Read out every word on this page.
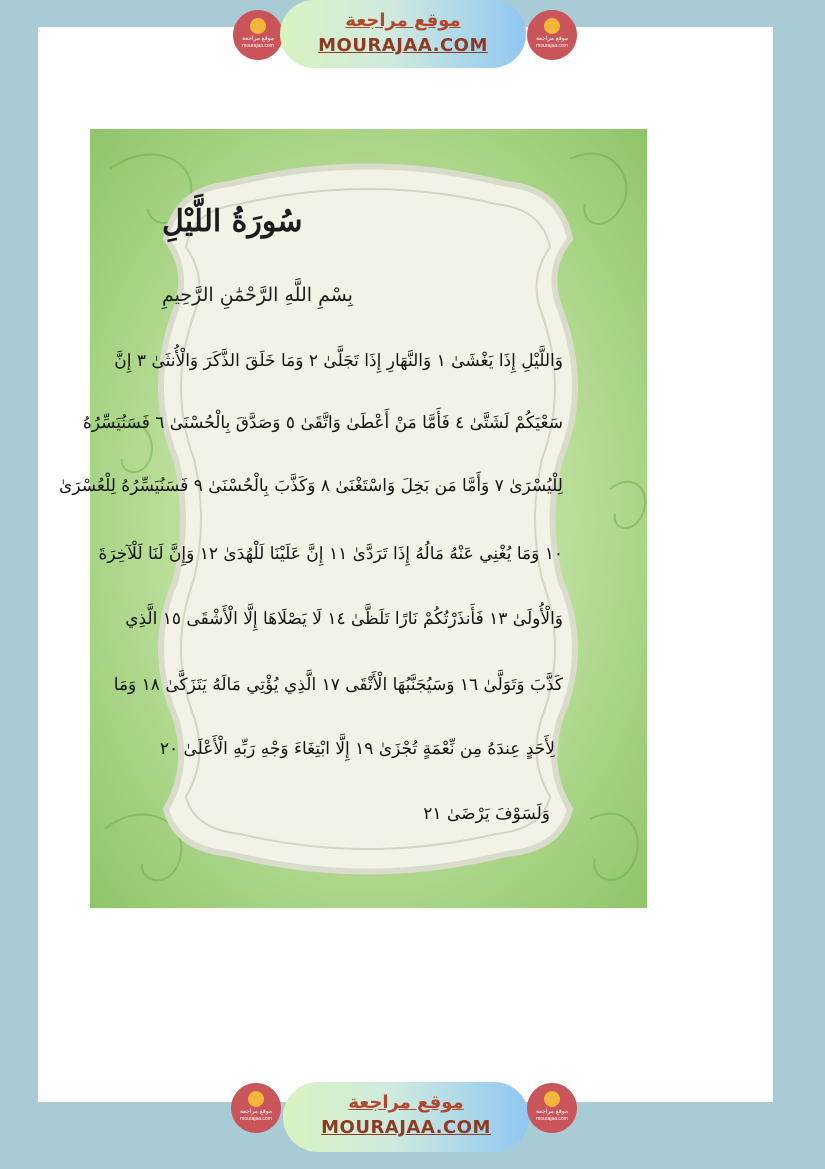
موقع مراجعة
mourajaa.com
موقع مراجعة
MOURAJAA.COM	موقع مراجعة
mourajaa.com
سُورَةُ اللَّيْلِ
بِسْمِ اللَّهِ الرَّحْمَٰنِ الرَّحِيمِ
وَاللَّيْلِ إِذَا يَغْشَىٰ ١ وَالنَّهَارِ إِذَا تَجَلَّىٰ ٢ وَمَا خَلَقَ الذَّكَرَ وَالْأُنثَىٰ ٣ إِنَّ
سَعْيَكُمْ لَشَتَّىٰ ٤ فَأَمَّا مَنْ أَعْطَىٰ وَاتَّقَىٰ ٥ وَصَدَّقَ بِالْحُسْنَىٰ ٦ فَسَنُيَسِّرُهُ
لِلْيُسْرَىٰ ٧ وَأَمَّا مَن بَخِلَ وَاسْتَغْنَىٰ ٨ وَكَذَّبَ بِالْحُسْنَىٰ ٩ فَسَنُيَسِّرُهُ لِلْعُسْرَىٰ
١٠ وَمَا يُغْنِي عَنْهُ مَالُهُ إِذَا تَرَدَّىٰ ١١ إِنَّ عَلَيْنَا لَلْهُدَىٰ ١٢ وَإِنَّ لَنَا لَلْآخِرَةَ
وَالْأُولَىٰ ١٣ فَأَنذَرْتُكُمْ نَارًا تَلَظَّىٰ ١٤ لَا يَصْلَاهَا إِلَّا الْأَشْقَى ١٥ الَّذِي
كَذَّبَ وَتَوَلَّىٰ ١٦ وَسَيُجَنَّبُهَا الْأَتْقَى ١٧ الَّذِي يُؤْتِي مَالَهُ يَتَزَكَّىٰ ١٨ وَمَا
لِأَحَدٍ عِندَهُ مِن نِّعْمَةٍ تُجْزَىٰ ١٩ إِلَّا ابْتِغَاءَ وَجْهِ رَبِّهِ الْأَعْلَىٰ ٢٠
وَلَسَوْفَ يَرْضَىٰ ٢١
موقع مراجعة
mourajaa.com
موقع مراجعة
MOURAJAA.COM
موقع مراجعة
mourajaa.com
